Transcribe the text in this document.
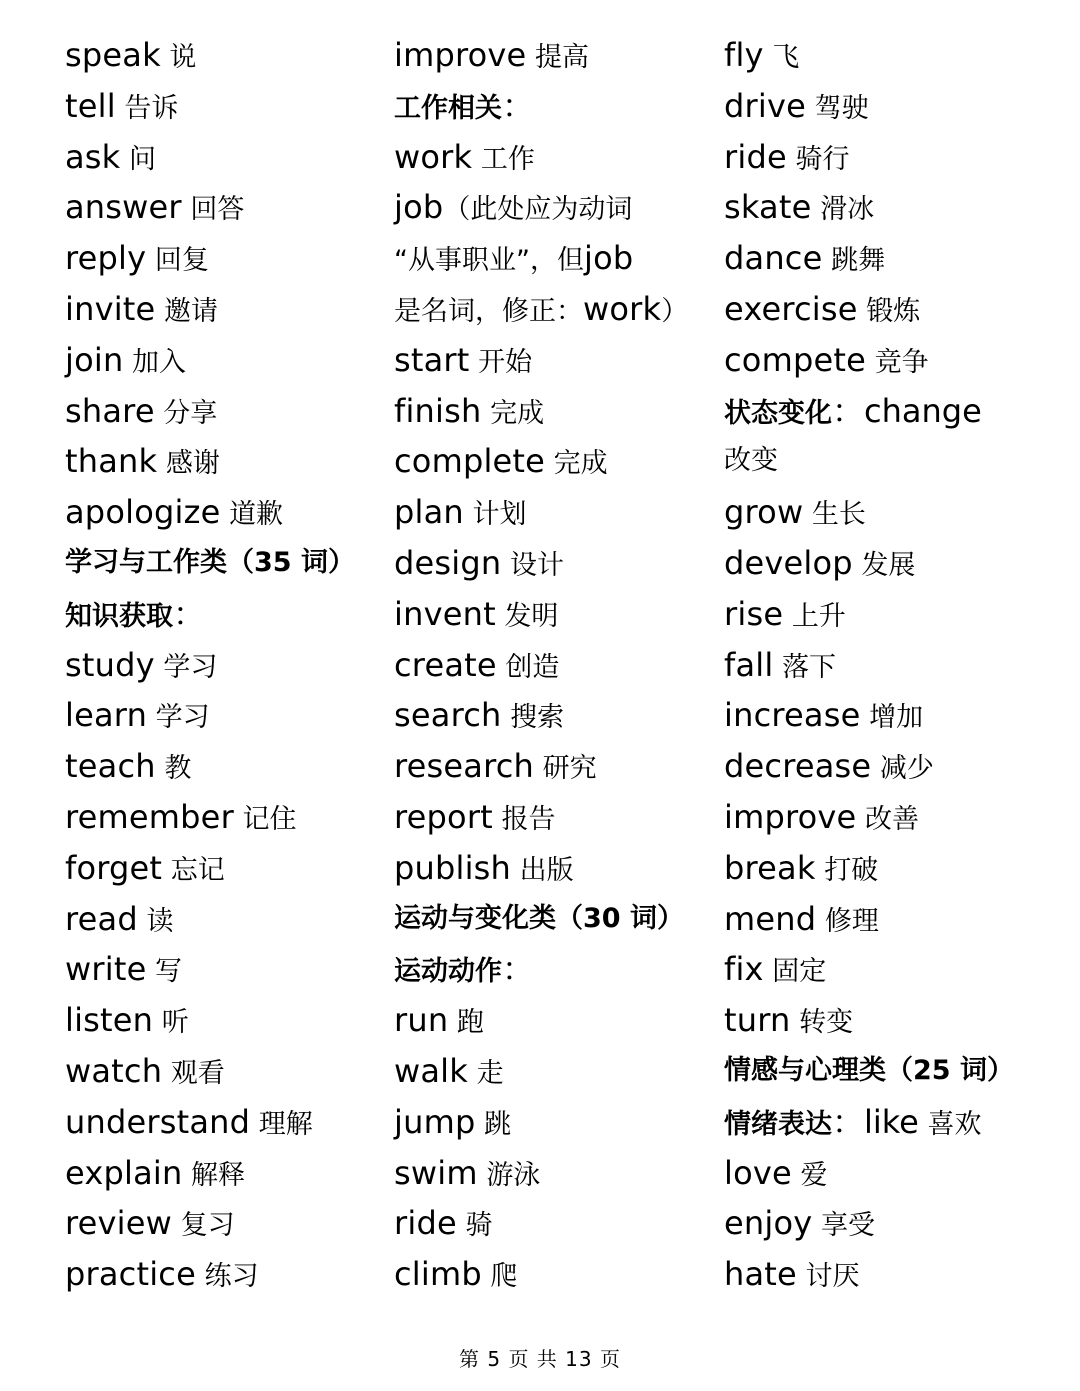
speak 说
tell 告诉
ask 问
answer 回答
reply 回复
invite 邀请
join 加入
share 分享
thank 感谢
apologize 道歉
学习与工作类（35 词）
知识获取：
study 学习
learn 学习
teach 教
remember 记住
forget 忘记
read 读
write 写
listen 听
watch 观看
understand 理解
explain 解释
review 复习
practice 练习
improve 提高
工作相关：
work 工作
job（此处应为动词
“从事职业”，但job
是名词，修正：work）
start 开始
finish 完成
complete 完成
plan 计划
design 设计
invent 发明
create 创造
search 搜索
research 研究
report 报告
publish 出版
运动与变化类（30 词）
运动动作：
run 跑
walk 走
jump 跳
swim 游泳
ride 骑
climb 爬
fly 飞
drive 驾驶
ride 骑行
skate 滑冰
dance 跳舞
exercise 锻炼
compete 竞争
状态变化：change
改变
grow 生长
develop 发展
rise 上升
fall 落下
increase 增加
decrease 减少
improve 改善
break 打破
mend 修理
fix 固定
turn 转变
情感与心理类（25 词）
情绪表达：like 喜欢
love 爱
enjoy 享受
hate 讨厌
第 5 页 共 13 页
